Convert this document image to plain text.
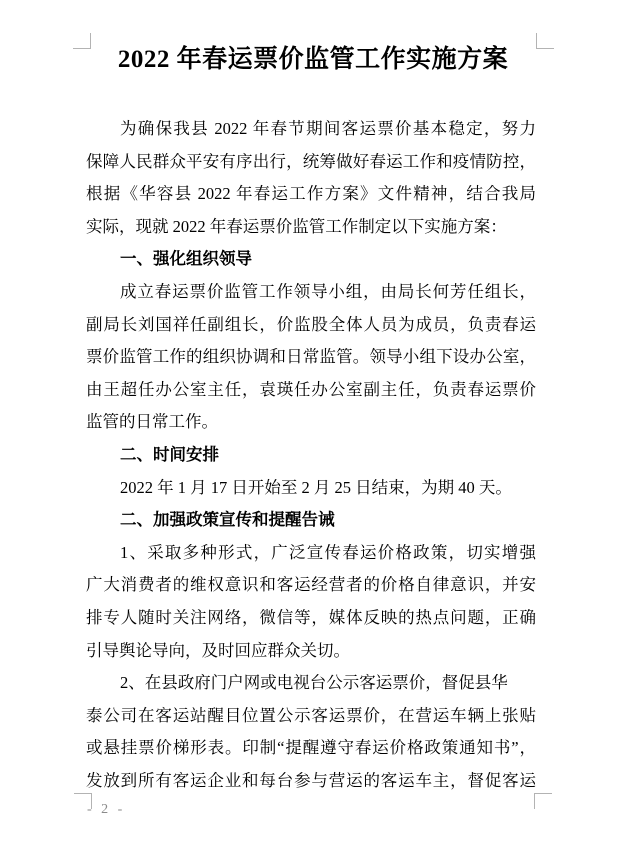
2022 年春运票价监管工作实施方案
为确保我县 2022 年春节期间客运票价基本稳定，努力
保障人民群众平安有序出行，统筹做好春运工作和疫情防控，
根据《华容县 2022 年春运工作方案》文件精神，结合我局
实际，现就 2022 年春运票价监管工作制定以下实施方案：
一、强化组织领导
成立春运票价监管工作领导小组，由局长何芳任组长，
副局长刘国祥任副组长，价监股全体人员为成员，负责春运
票价监管工作的组织协调和日常监管。领导小组下设办公室，
由王超任办公室主任，袁瑛任办公室副主任，负责春运票价
监管的日常工作。
二、时间安排
2022 年 1 月 17 日开始至 2 月 25 日结束，为期 40 天。
二、加强政策宣传和提醒告诫
1、采取多种形式，广泛宣传春运价格政策，切实增强
广大消费者的维权意识和客运经营者的价格自律意识，并安
排专人随时关注网络，微信等，媒体反映的热点问题，正确
引导舆论导向，及时回应群众关切。
2、在县政府门户网或电视台公示客运票价，督促县华
泰公司在客运站醒目位置公示客运票价，在营运车辆上张贴
或悬挂票价梯形表。印制“提醒遵守春运价格政策通知书”，
发放到所有客运企业和每台参与营运的客运车主，督促客运
- 2 -
